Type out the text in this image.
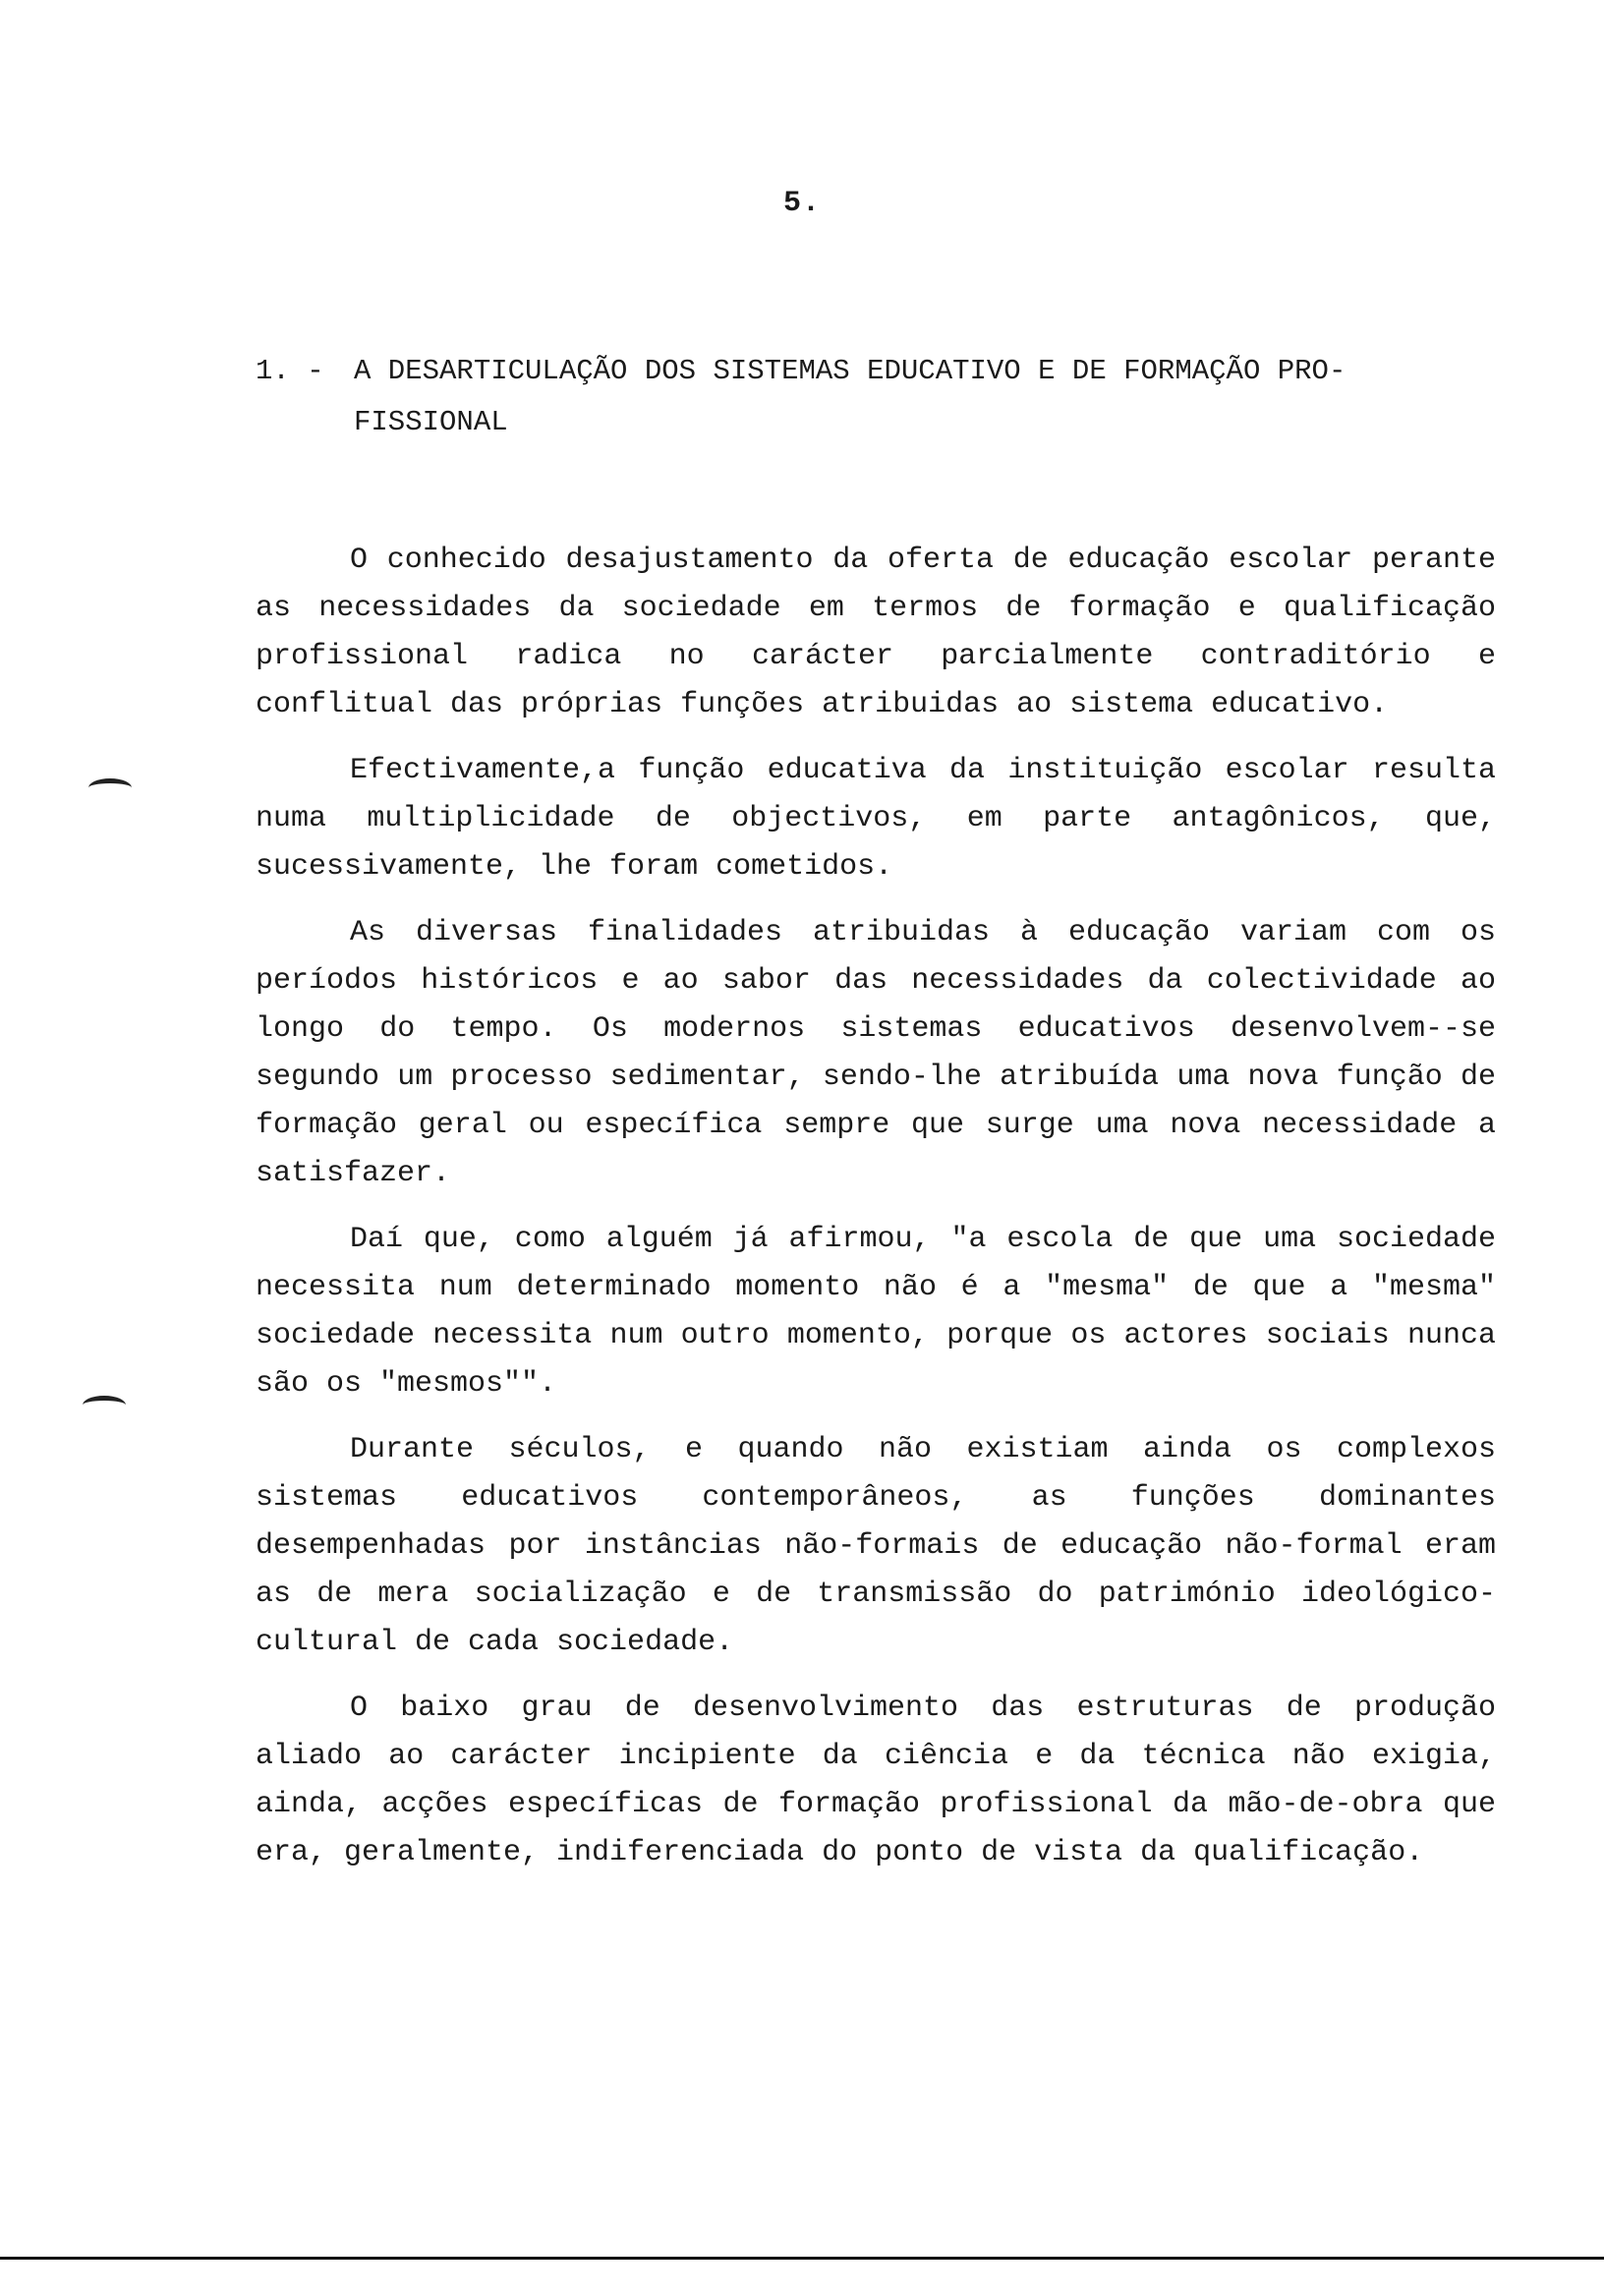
5.
1. - A DESARTICULAÇÃO DOS SISTEMAS EDUCATIVO E DE FORMAÇÃO PRO-
FISSIONAL

O conhecido desajustamento da oferta de educação escolar perante as necessidades da sociedade em termos de formação e qualificação profissional radica no carácter parcialmente contraditório e conflitual das próprias funções atribuidas ao sistema educativo.

Efectivamente,a função educativa da instituição escolar resulta numa multiplicidade de objectivos, em parte antagônicos, que, sucessivamente, lhe foram cometidos.

As diversas finalidades atribuidas à educação variam com os períodos históricos e ao sabor das necessidades da colectividade ao longo do tempo. Os modernos sistemas educativos desenvolvem--se segundo um processo sedimentar, sendo-lhe atribuída uma nova função de formação geral ou específica sempre que surge uma nova necessidade a satisfazer.

Daí que, como alguém já afirmou, "a escola de que uma sociedade necessita num determinado momento não é a "mesma" de que a "mesma" sociedade necessita num outro momento, porque os actores sociais nunca são os "mesmos"".

Durante séculos, e quando não existiam ainda os complexos sistemas educativos contemporâneos, as funções dominantes desempenhadas por instâncias não-formais de educação não-formal eram as de mera socialização e de transmissão do património ideológico-cultural de cada sociedade.

O baixo grau de desenvolvimento das estruturas de produção aliado ao carácter incipiente da ciência e da técnica não exigia, ainda, acções específicas de formação profissional da mão-de-obra que era, geralmente, indiferenciada do ponto de vista da qualificação.
